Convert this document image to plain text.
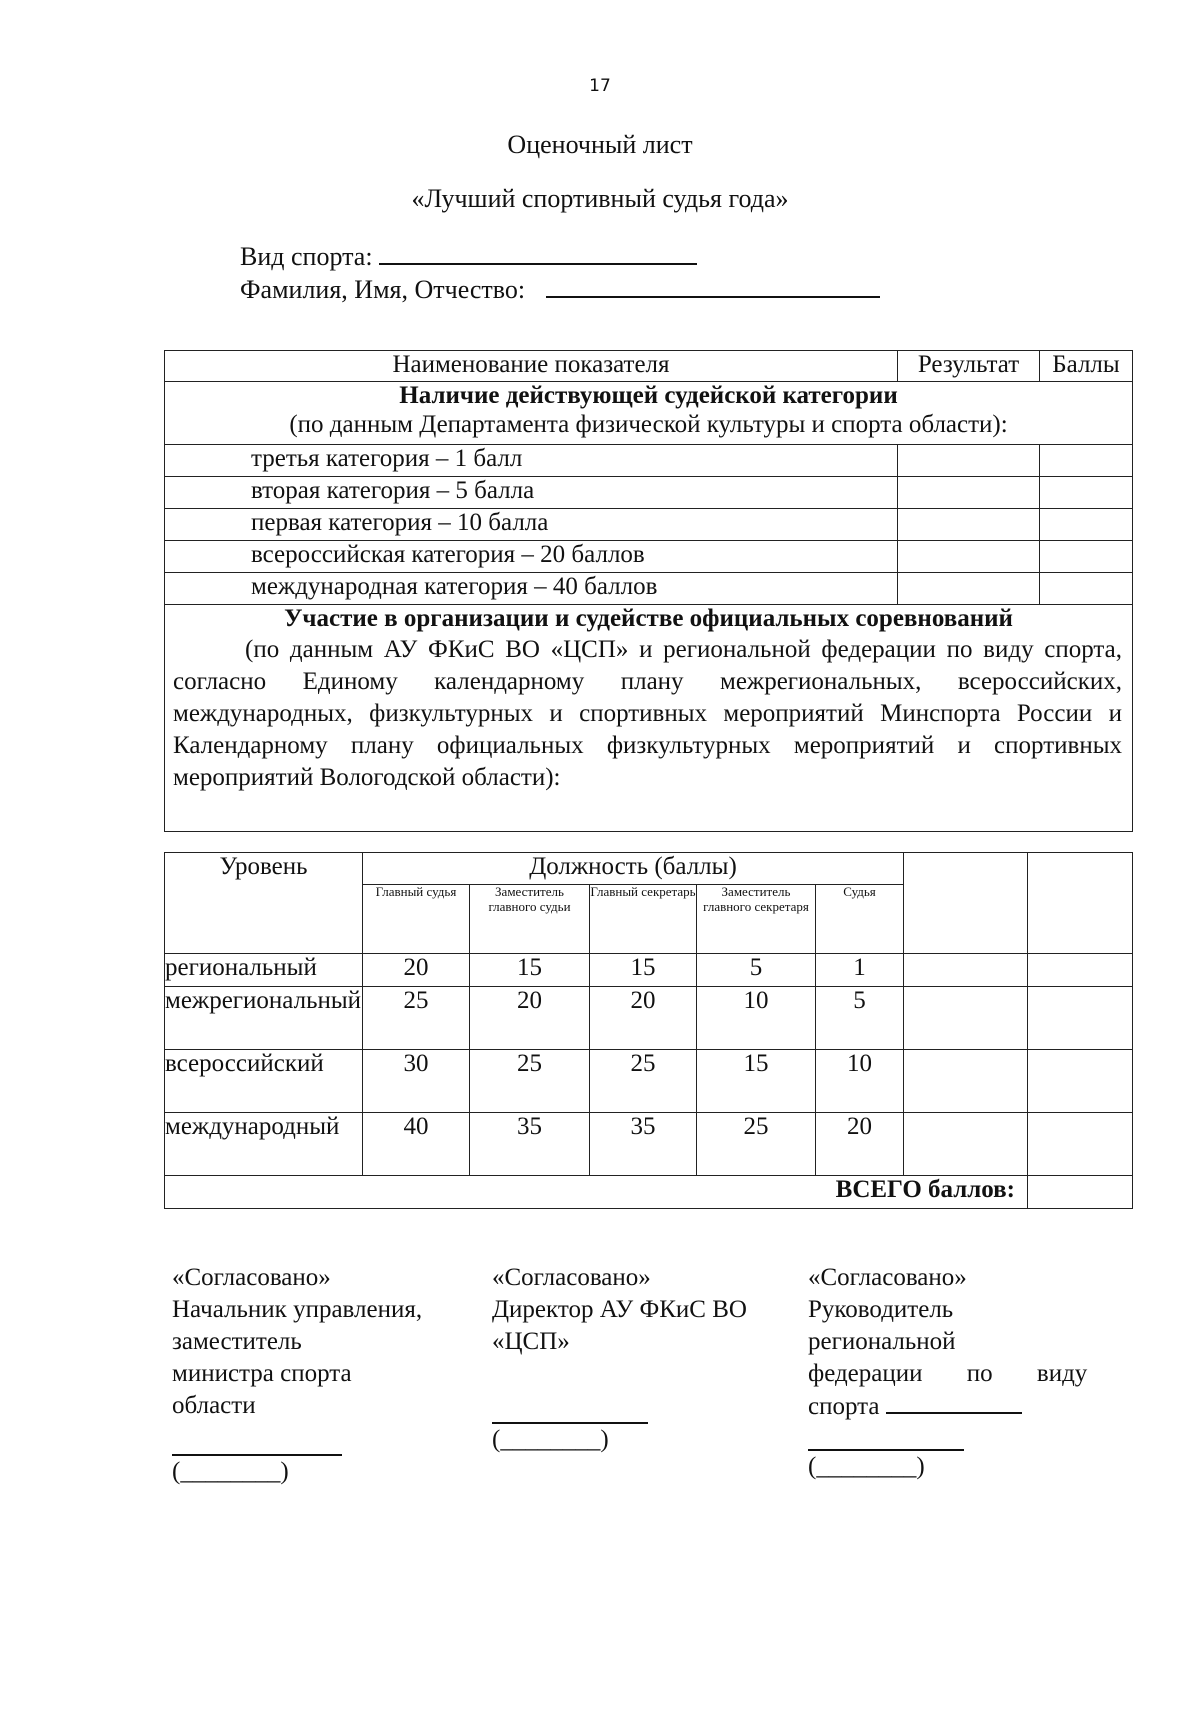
17
Оценочный лист
«Лучший спортивный судья года»
Вид спорта:
Фамилия, Имя, Отчество:
Наименование показателя	Результат	Баллы

Наличие действующей судейской категории
(по данным Департамента физической культуры и спорта области):		

третья категория – 1 балл		
вторая категория – 5 балла		
первая категория – 10 балла		
всероссийская категория – 20 баллов		
международная категория – 40 баллов		

Участие в организации и судействе официальных соревнований
(по данным АУ ФКиС ВО «ЦСП» и региональной федерации по виду спорта, согласно Единому календарному плану межрегиональных, всероссийских, международных, физкультурных и спортивных мероприятий Минспорта России и Календарному плану официальных физкультурных мероприятий и спортивных мероприятий Вологодской области):		
Уровень	Должность (баллы)						
	Главный судья	Заместитель главного судьи	Главный секретарь	Заместитель главного секретаря	Судья		
региональный	20	15	15	5	1		
межрегиональный	25	20	20	10	5		
всероссийский	30	25	25	15	10		
международный	40	35	35	25	20		
ВСЕГО баллов:							
«Согласовано»
Начальник управления,
заместитель
министра спорта
области
(________)
«Согласовано»
Директор АУ ФКиС ВО
«ЦСП»
(________)
«Согласовано»
Руководитель
региональной
федерации по виду
спорта
(________)
